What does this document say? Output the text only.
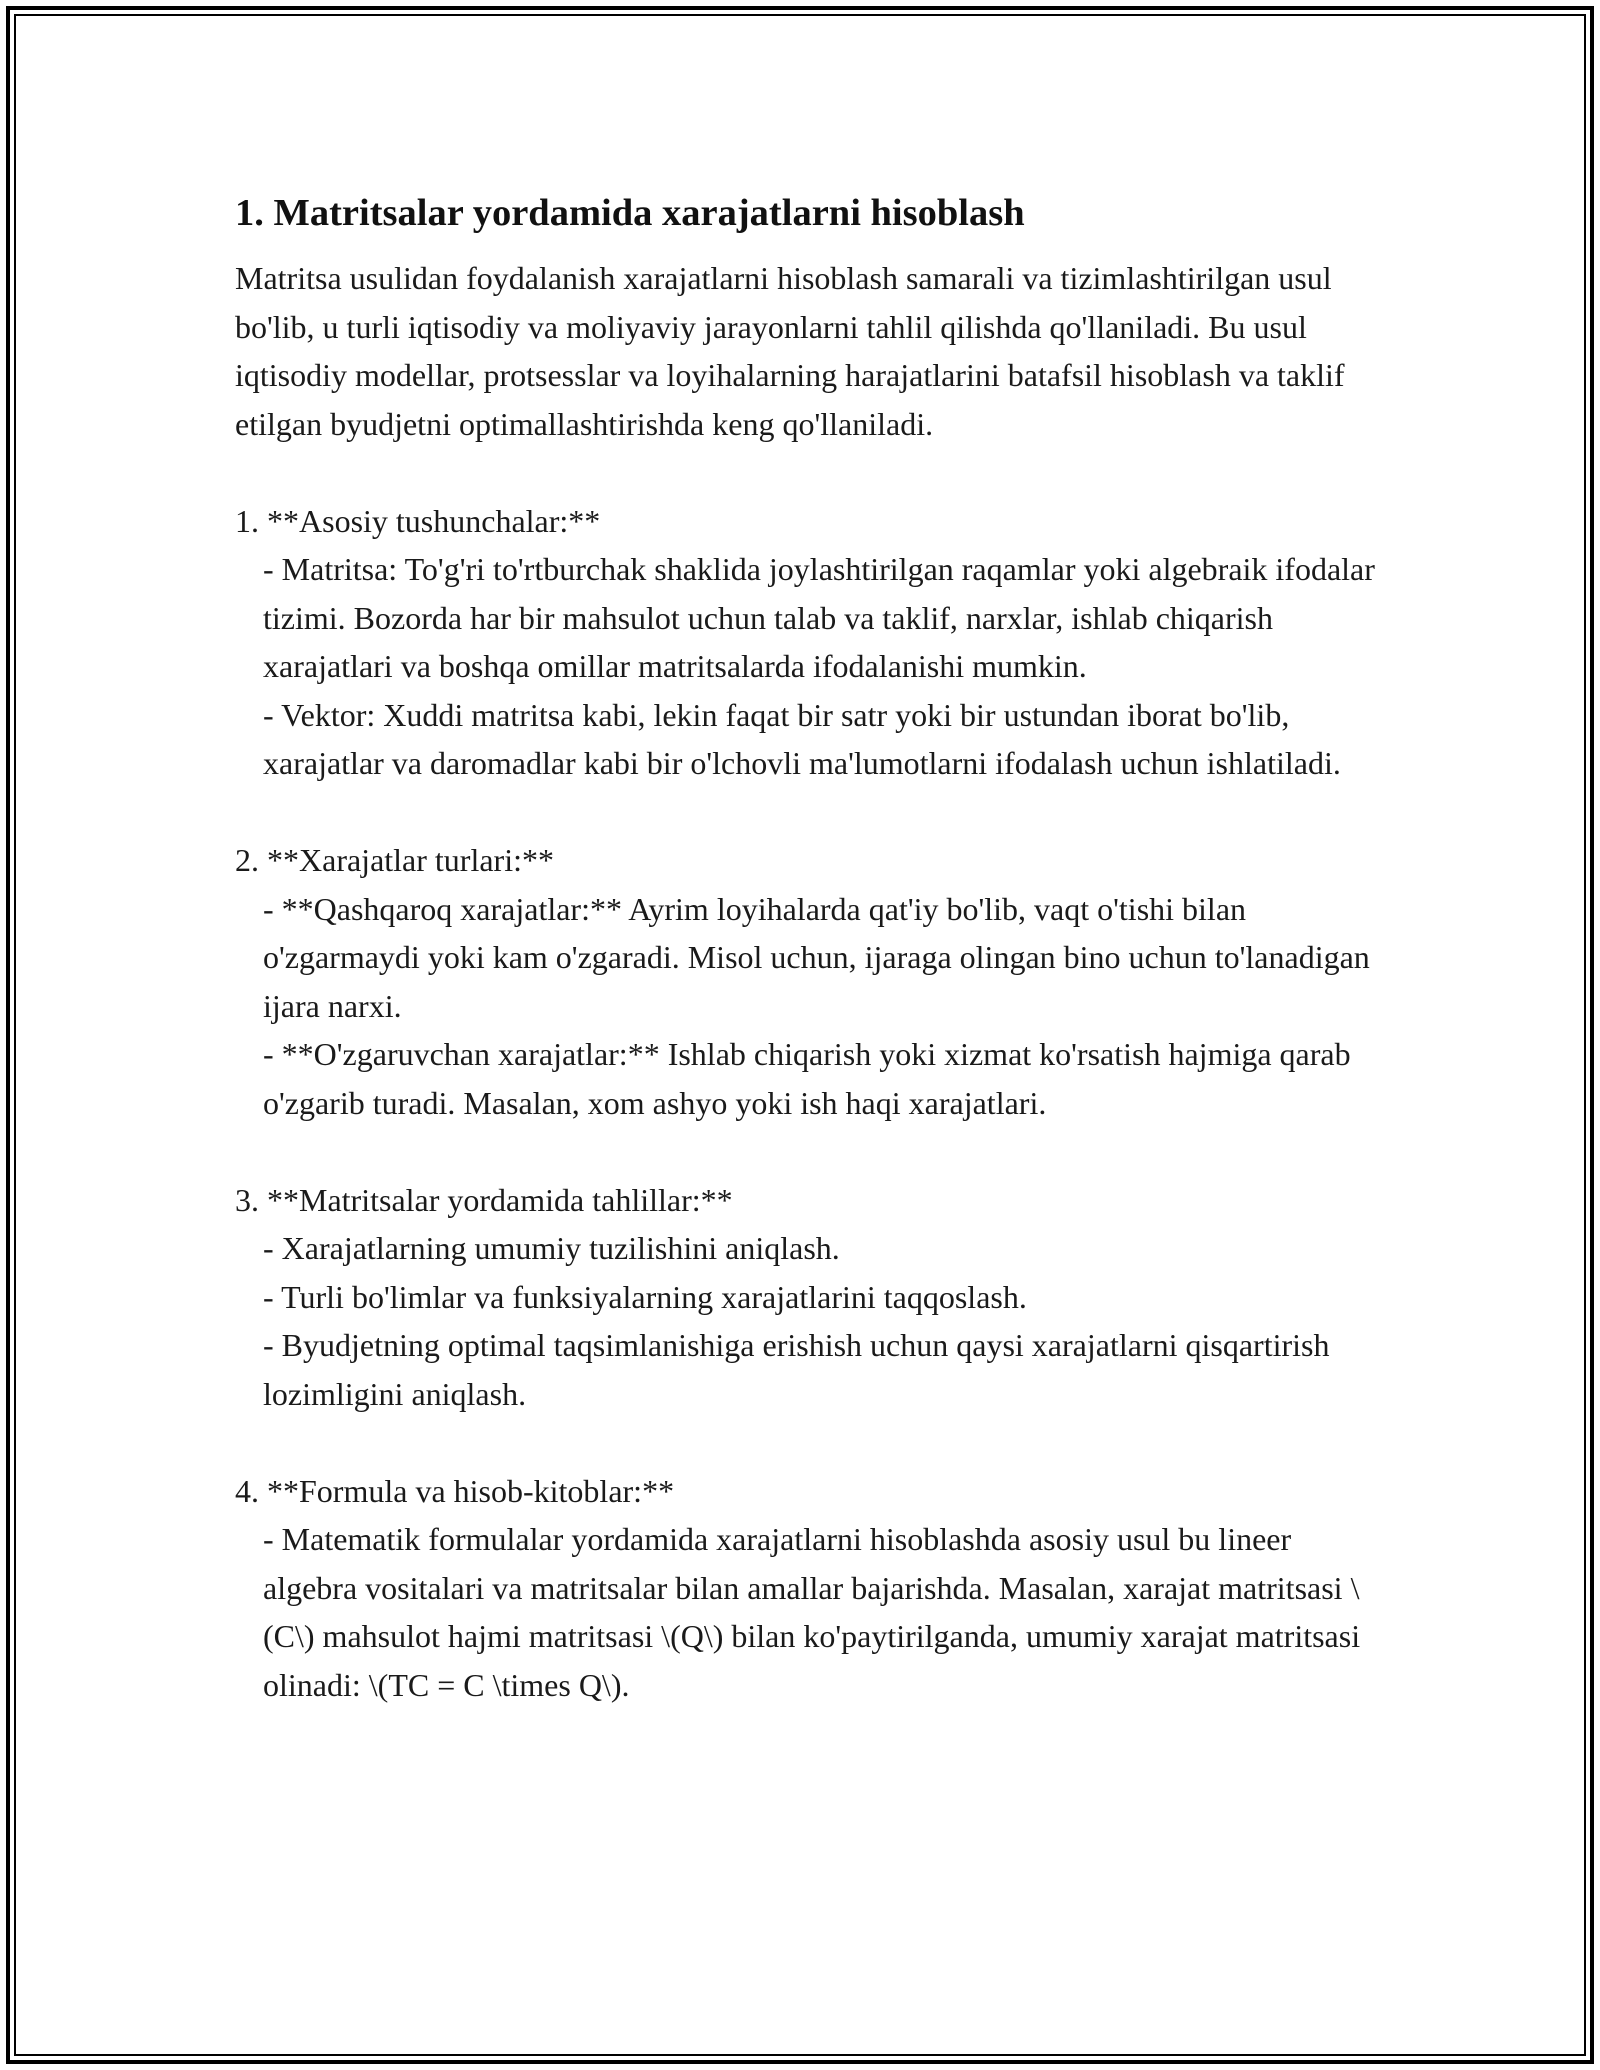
1. Matritsalar yordamida xarajatlarni hisoblash

Matritsa usulidan foydalanish xarajatlarni hisoblash samarali va tizimlashtirilgan usul bo'lib, u turli iqtisodiy va moliyaviy jarayonlarni tahlil qilishda qo'llaniladi. Bu usul iqtisodiy modellar, protsesslar va loyihalarning harajatlarini batafsil hisoblash va taklif etilgan byudjetni optimallashtirishda keng qo'llaniladi.

1. **Asosiy tushunchalar:**

- Matritsa: To'g'ri to'rtburchak shaklida joylashtirilgan raqamlar yoki algebraik ifodalar tizimi. Bozorda har bir mahsulot uchun talab va taklif, narxlar, ishlab chiqarish xarajatlari va boshqa omillar matritsalarda ifodalanishi mumkin.

- Vektor: Xuddi matritsa kabi, lekin faqat bir satr yoki bir ustundan iborat bo'lib, xarajatlar va daromadlar kabi bir o'lchovli ma'lumotlarni ifodalash uchun ishlatiladi.

2. **Xarajatlar turlari:**

- **Qashqaroq xarajatlar:** Ayrim loyihalarda qat'iy bo'lib, vaqt o'tishi bilan o'zgarmaydi yoki kam o'zgaradi. Misol uchun, ijaraga olingan bino uchun to'lanadigan ijara narxi.

- **O'zgaruvchan xarajatlar:** Ishlab chiqarish yoki xizmat ko'rsatish hajmiga qarab o'zgarib turadi. Masalan, xom ashyo yoki ish haqi xarajatlari.

3. **Matritsalar yordamida tahlillar:**

- Xarajatlarning umumiy tuzilishini aniqlash.

- Turli bo'limlar va funksiyalarning xarajatlarini taqqoslash.

- Byudjetning optimal taqsimlanishiga erishish uchun qaysi xarajatlarni qisqartirish lozimligini aniqlash.

4. **Formula va hisob-kitoblar:**

- Matematik formulalar yordamida xarajatlarni hisoblashda asosiy usul bu lineer algebra vositalari va matritsalar bilan amallar bajarishda. Masalan, xarajat matritsasi \(C\) mahsulot hajmi matritsasi \(Q\) bilan ko'paytirilganda, umumiy xarajat matritsasi olinadi: \(TC = C \times Q\).
